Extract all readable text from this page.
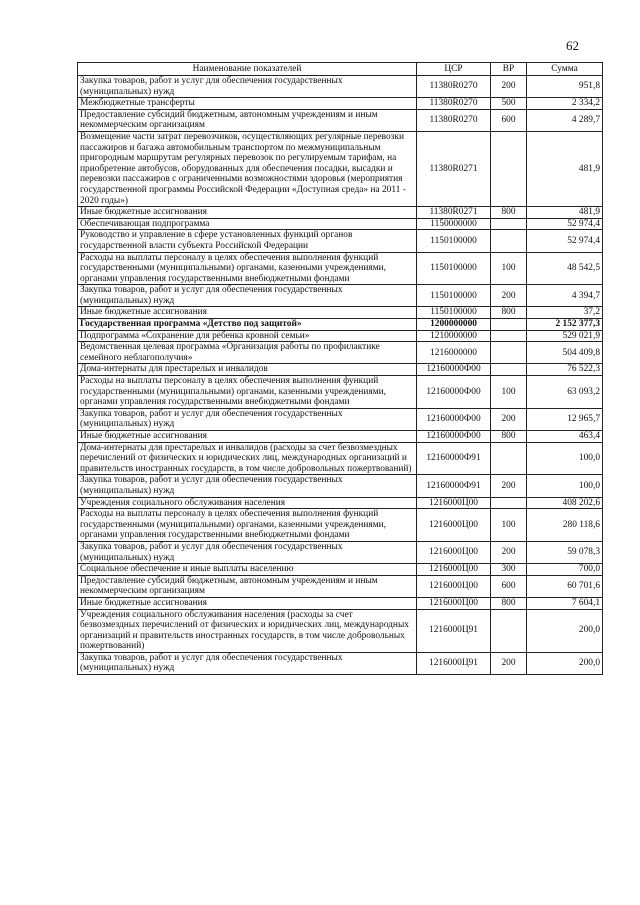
62
Наименование показателей	ЦСР	ВР	Сумма
Закупка товаров, работ и услуг для обеспечения государственных (муниципальных) нужд	11380R0270	200	951,8
Межбюджетные трансферты	11380R0270	500	2 334,2
Предоставление субсидий бюджетным, автономным учреждениям и иным некоммерческим организациям	11380R0270	600	4 289,7
Возмещение части затрат перевозчиков, осуществляющих регулярные перевозки пассажиров и багажа автомобильным транспортом по межмуниципальным пригородным маршрутам регулярных перевозок по регулируемым тарифам, на приобретение автобусов, оборудованных для обеспечения посадки, высадки и перевозки пассажиров с ограниченными возможностями здоровья (мероприятия государственной программы Российской Федерации «Доступная среда» на 2011 - 2020 годы»)	11380R0271		481,9
Иные бюджетные ассигнования	11380R0271	800	481,9
Обеспечивающая подпрограмма	1150000000		52 974,4
Руководство и управление в сфере установленных функций органов государственной власти субъекта Российской Федерации	1150100000		52 974,4
Расходы на выплаты персоналу в целях обеспечения выполнения функций государственными (муниципальными) органами, казенными учреждениями, органами управления государственными внебюджетными фондами	1150100000	100	48 542,5
Закупка товаров, работ и услуг для обеспечения государственных (муниципальных) нужд	1150100000	200	4 394,7
Иные бюджетные ассигнования	1150100000	800	37,2
Государственная программа «Детство под защитой»	1200000000		2 152 377,3
Подпрограмма «Сохранение для ребенка кровной семьи»	1210000000		529 021,9
Ведомственная целевая программа «Организация работы по профилактике семейного неблагополучия»	1216000000		504 409,8
Дома-интернаты для престарелых и инвалидов	12160000Ф00		76 522,3
Расходы на выплаты персоналу в целях обеспечения выполнения функций государственными (муниципальными) органами, казенными учреждениями, органами управления государственными внебюджетными фондами	12160000Ф00	100	63 093,2
Закупка товаров, работ и услуг для обеспечения государственных (муниципальных) нужд	12160000Ф00	200	12 965,7
Иные бюджетные ассигнования	12160000Ф00	800	463,4
Дома-интернаты для престарелых и инвалидов (расходы за счет безвозмездных перечислений от физических и юридических лиц, международных организаций и правительств иностранных государств, в том числе добровольных пожертвований)	12160000Ф91		100,0
Закупка товаров, работ и услуг для обеспечения государственных (муниципальных) нужд	12160000Ф91	200	100,0
Учреждения социального обслуживания населения	1216000Ц00		408 202,6
Расходы на выплаты персоналу в целях обеспечения выполнения функций государственными (муниципальными) органами, казенными учреждениями, органами управления государственными внебюджетными фондами	1216000Ц00	100	280 118,6
Закупка товаров, работ и услуг для обеспечения государственных (муниципальных) нужд	1216000Ц00	200	59 078,3
Социальное обеспечение и иные выплаты населению	1216000Ц00	300	700,0
Предоставление субсидий бюджетным, автономным учреждениям и иным некоммерческим организациям	1216000Ц00	600	60 701,6
Иные бюджетные ассигнования	1216000Ц00	800	7 604,1
Учреждения социального обслуживания населения (расходы за счет безвозмездных перечислений от физических и юридических лиц, международных организаций и правительств иностранных государств, в том числе добровольных пожертвований)	1216000Ц91		200,0
Закупка товаров, работ и услуг для обеспечения государственных (муниципальных) нужд	1216000Ц91	200	200,0
